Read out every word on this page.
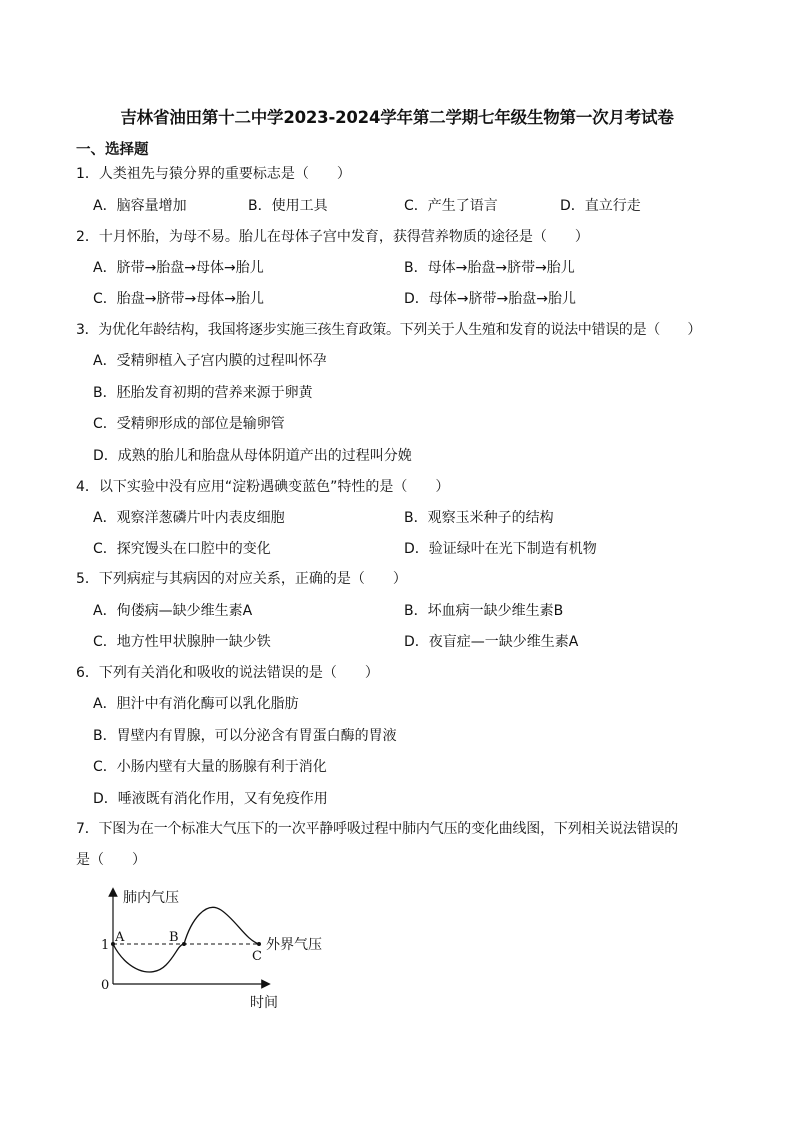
吉林省油田第十二中学2023-2024学年第二学期七年级生物第一次月考试卷
一、选择题
1．人类祖先与猿分界的重要标志是（　　）
A．脑容量增加	B．使用工具	C．产生了语言	D．直立行走
2．十月怀胎，为母不易。胎儿在母体子宫中发育，获得营养物质的途径是（　　）
A．脐带→胎盘→母体→胎儿	B．母体→胎盘→脐带→胎儿
C．胎盘→脐带→母体→胎儿	D．母体→脐带→胎盘→胎儿
3．为优化年龄结构，我国将逐步实施三孩生育政策。下列关于人生殖和发育的说法中错误的是（　　）
A．受精卵植入子宫内膜的过程叫怀孕
B．胚胎发育初期的营养来源于卵黄
C．受精卵形成的部位是输卵管
D．成熟的胎儿和胎盘从母体阴道产出的过程叫分娩
4．以下实验中没有应用“淀粉遇碘变蓝色”特性的是（　　）
A．观察洋葱磷片叶内表皮细胞	B．观察玉米种子的结构
C．探究馒头在口腔中的变化	D．验证绿叶在光下制造有机物
5．下列病症与其病因的对应关系，正确的是（　　）
A．佝偻病—缺少维生素A	B．坏血病一缺少维生素B
C．地方性甲状腺肿一缺少铁	D．夜盲症—一缺少维生素A
6．下列有关消化和吸收的说法错误的是（　　）
A．胆汁中有消化酶可以乳化脂肪
B．胃壁内有胃腺，可以分泌含有胃蛋白酶的胃液
C．小肠内壁有大量的肠腺有利于消化
D．唾液既有消化作用，又有免疫作用
7．下图为在一个标准大气压下的一次平静呼吸过程中肺内气压的变化曲线图，下列相关说法错误的
是（　　）
肺内气压
时间
1
0
A	B
C
外界气压
